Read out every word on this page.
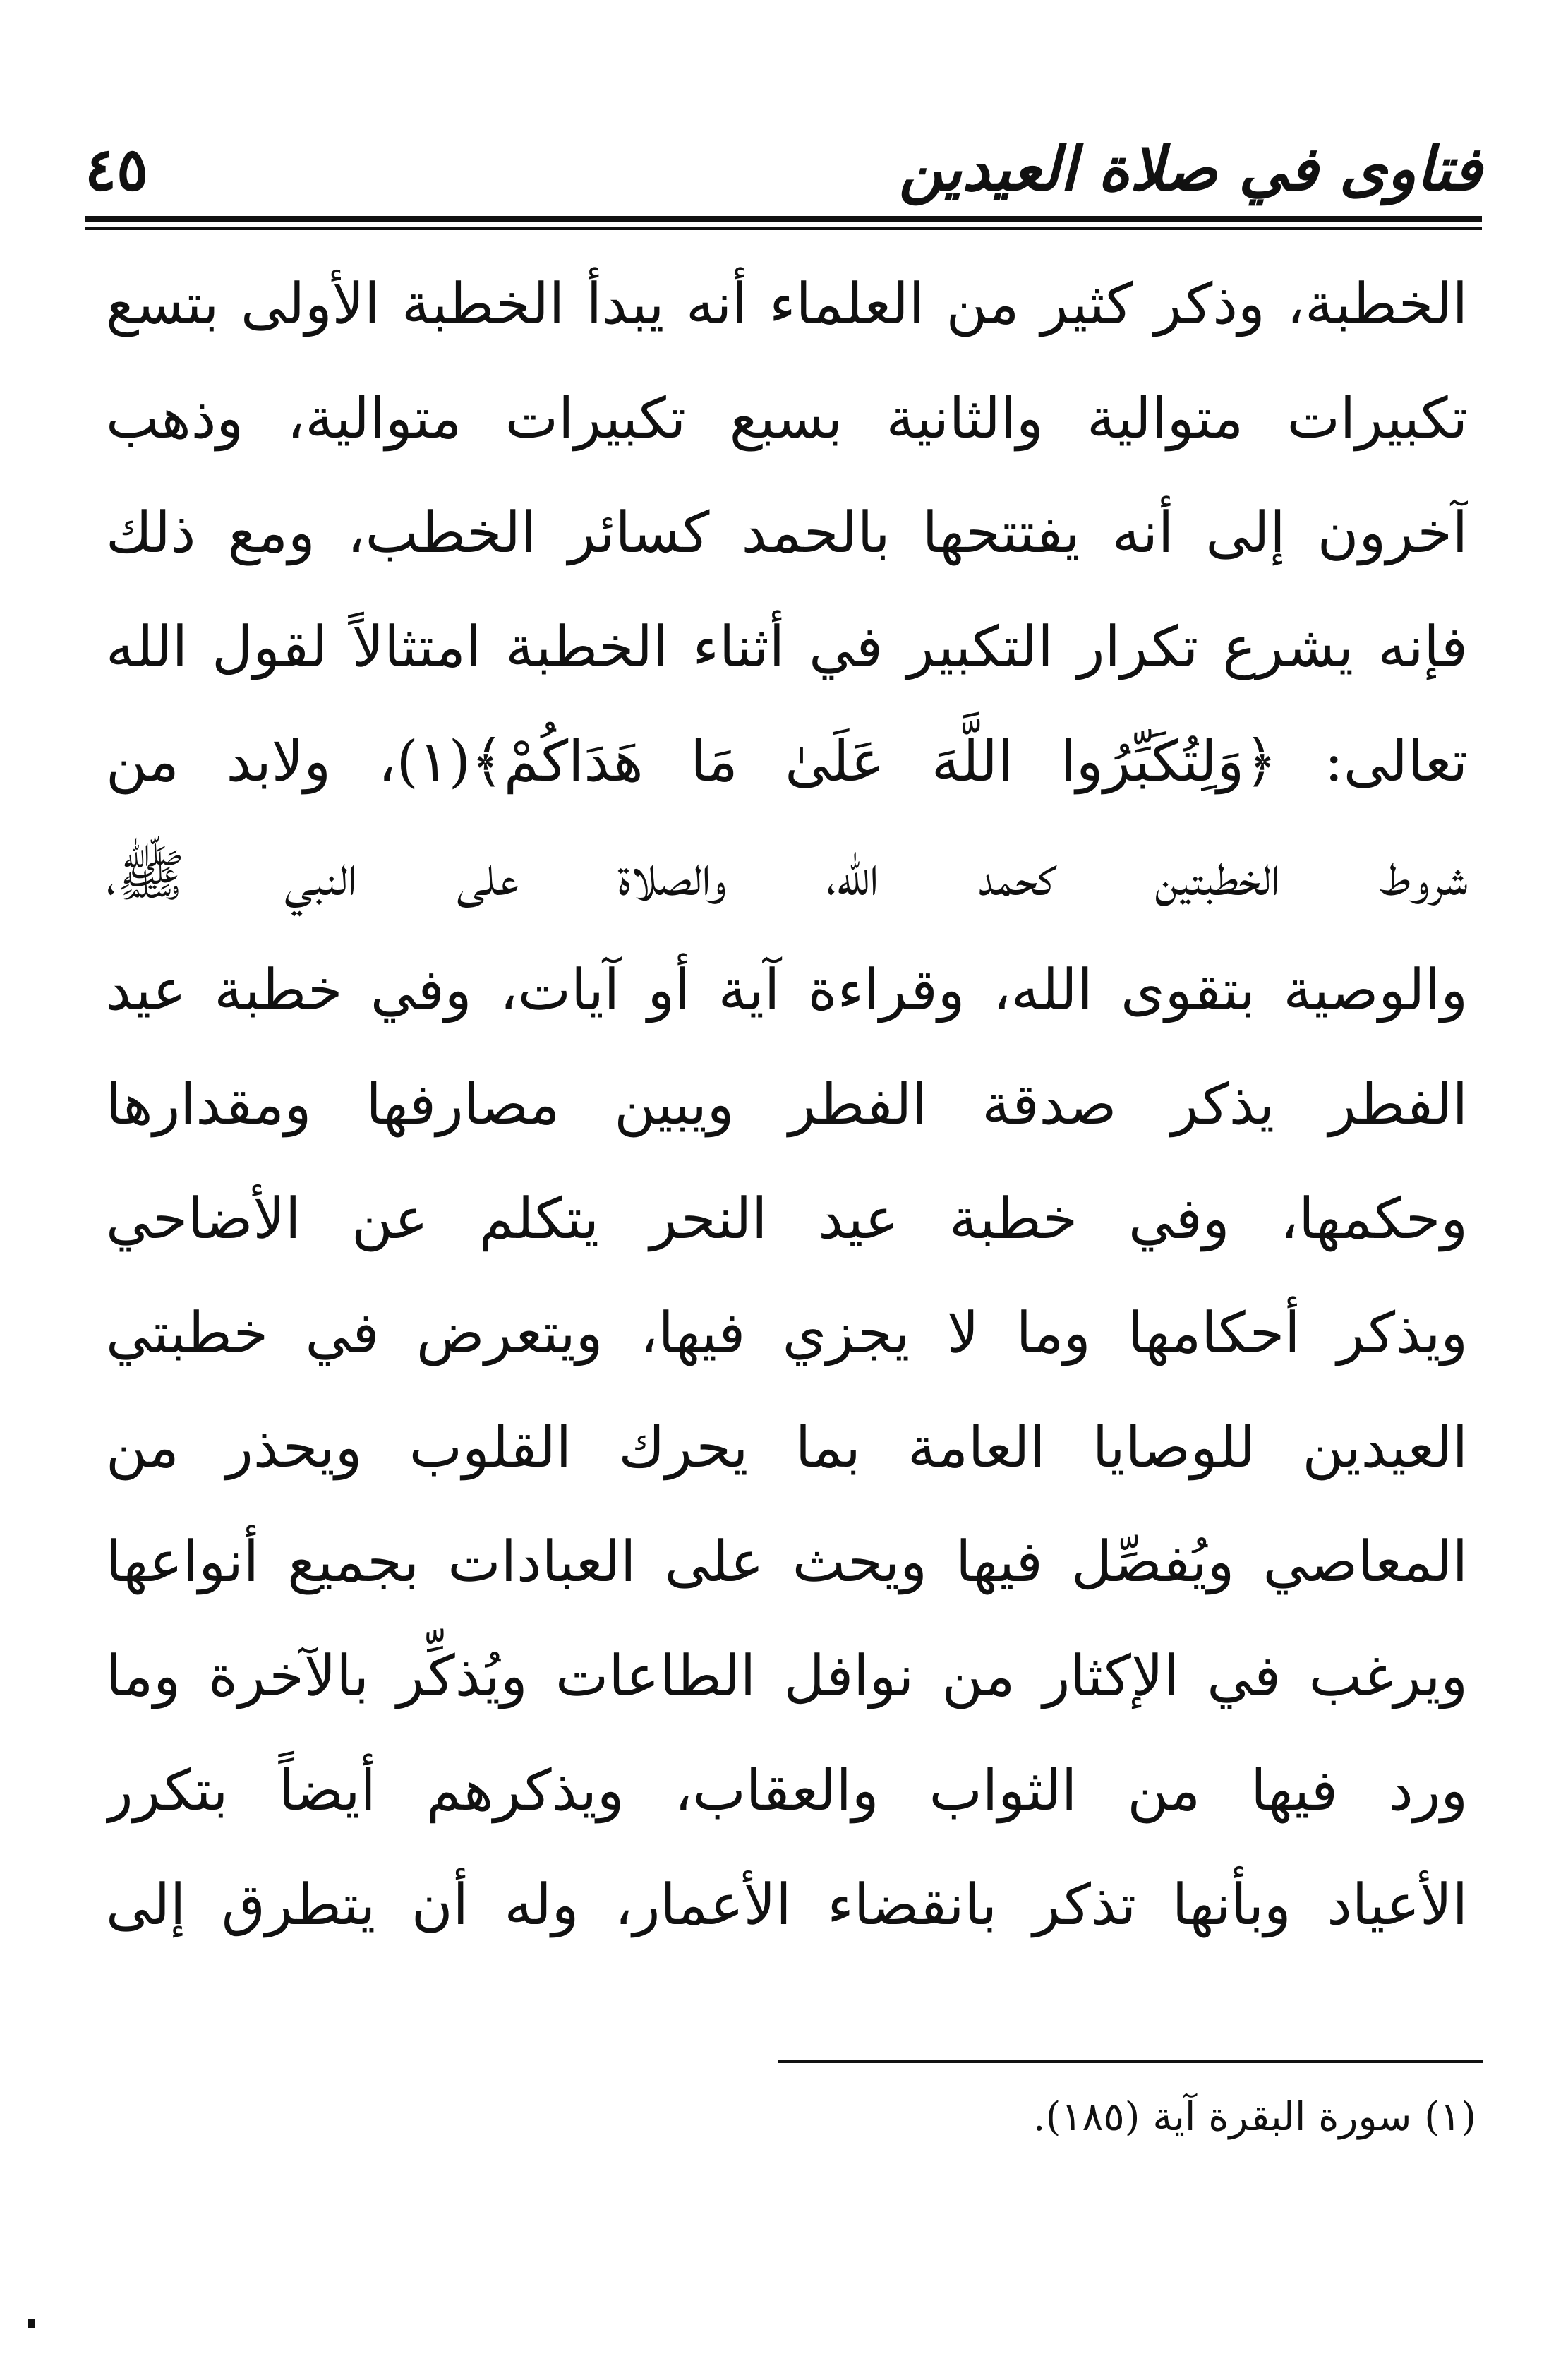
فتاوى في صلاة العيدين
٤٥
الخطبة، وذكر كثير من العلماء أنه يبدأ الخطبة الأولى بتسع
تكبيرات متوالية والثانية بسبع تكبيرات متوالية، وذهب
آخرون إلى أنه يفتتحها بالحمد كسائر الخطب، ومع ذلك
فإنه يشرع تكرار التكبير في أثناء الخطبة امتثالاً لقول الله
تعالى: ﴿وَلِتُكَبِّرُوا اللَّهَ عَلَىٰ مَا هَدَاكُمْ﴾(١)، ولابد من
شروط الخطبتين كحمد الله، والصلاة على النبي ﷺ،
والوصية بتقوى الله، وقراءة آية أو آيات، وفي خطبة عيد
الفطر يذكر صدقة الفطر ويبين مصارفها ومقدارها
وحكمها، وفي خطبة عيد النحر يتكلم عن الأضاحي
ويذكر أحكامها وما لا يجزي فيها، ويتعرض في خطبتي
العيدين للوصايا العامة بما يحرك القلوب ويحذر من
المعاصي ويُفصِّل فيها ويحث على العبادات بجميع أنواعها
ويرغب في الإكثار من نوافل الطاعات ويُذكِّر بالآخرة وما
ورد فيها من الثواب والعقاب، ويذكرهم أيضاً بتكرر
الأعياد وبأنها تذكر بانقضاء الأعمار، وله أن يتطرق إلى
(١) سورة البقرة آية (١٨٥).
